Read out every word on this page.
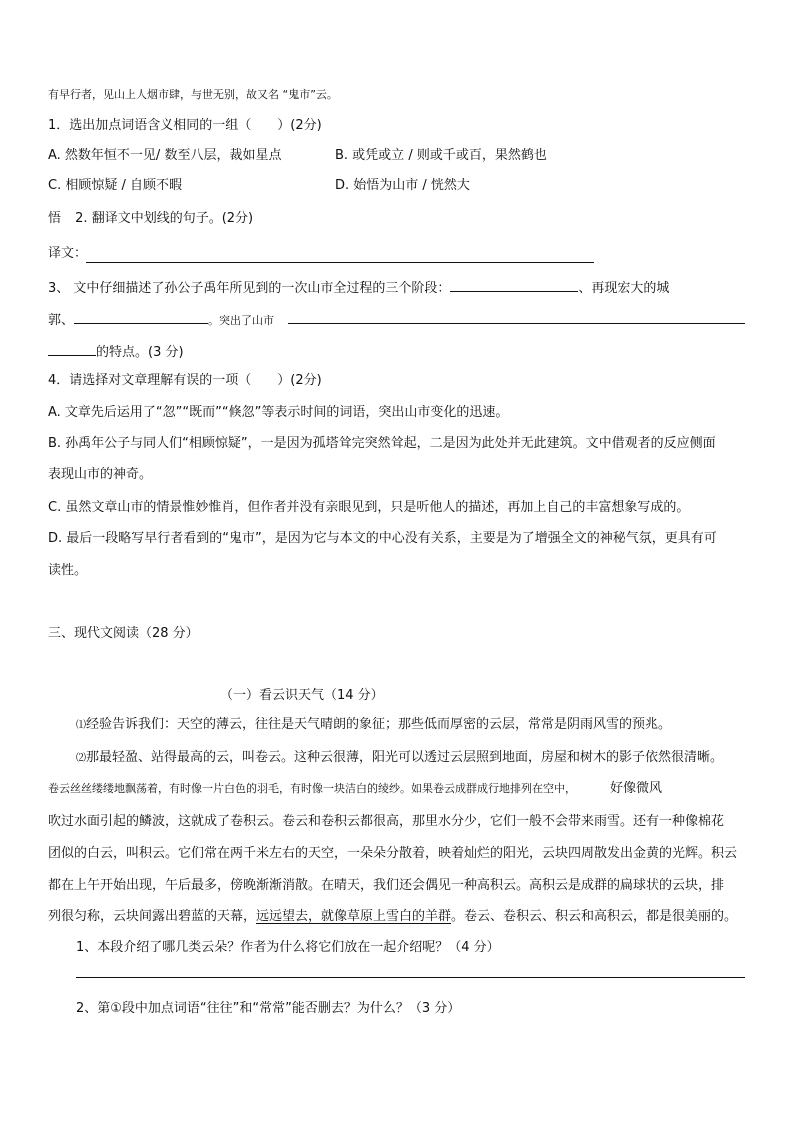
有早行者，见山上人烟市肆，与世无别，故又名 “鬼市”云。
1．选出加点词语含义相同的一组（　　）(2分)
A. 然数年恒不一见/ 数至八层，裁如星点	B. 或凭或立 / 则或千或百，果然鹤也
C. 相顾惊疑 / 自顾不暇	D. 始悟为山市 / 恍然大
悟 2. 翻译文中划线的句子。(2分)
译文：
3、 文中仔细描述了孙公子禹年所见到的一次山市全过程的三个阶段：	、再现宏大的城
郭、	。突出了山市
的特点。(3 分)
4．请选择对文章理解有误的一项（　　）(2分)
A. 文章先后运用了“忽”“既而”“倏忽”等表示时间的词语，突出山市变化的迅速。
B. 孙禹年公子与同人们“相顾惊疑”，一是因为孤塔耸完突然耸起，二是因为此处并无此建筑。文中借观者的反应侧面
表现山市的神奇。
C. 虽然文章山市的情景惟妙惟肖，但作者并没有亲眼见到，只是听他人的描述，再加上自己的丰富想象写成的。
D. 最后一段略写早行者看到的“鬼市”，是因为它与本文的中心没有关系，主要是为了增强全文的神秘气氛，更具有可
读性。
三、现代文阅读（28 分）
（一）看云识天气（14 分）
⑴经验告诉我们：天空的薄云，往往是天气晴朗的象征；那些低而厚密的云层，常常是阴雨风雪的预兆。
⑵那最轻盈、站得最高的云，叫卷云。这种云很薄，阳光可以透过云层照到地面，房屋和树木的影子依然很清晰。
卷云丝丝缕缕地飘荡着，有时像一片白色的羽毛，有时像一块洁白的绫纱。如果卷云成群成行地排列在空中，	好像微风
吹过水面引起的鳞波，这就成了卷积云。卷云和卷积云都很高，那里水分少，它们一般不会带来雨雪。还有一种像棉花
团似的白云，叫积云。它们常在两千米左右的天空，一朵朵分散着，映着灿烂的阳光，云块四周散发出金黄的光辉。积云
都在上午开始出现，午后最多，傍晚渐渐消散。在晴天，我们还会偶见一种高积云。高积云是成群的扁球状的云块，排
列很匀称，云块间露出碧蓝的天幕，远远望去，就像草原上雪白的羊群。卷云、卷积云、积云和高积云，都是很美丽的。
1、本段介绍了哪几类云朵？作者为什么将它们放在一起介绍呢？（4 分）
2、第①段中加点词语“往往”和“常常”能否删去？为什么？（3 分）
